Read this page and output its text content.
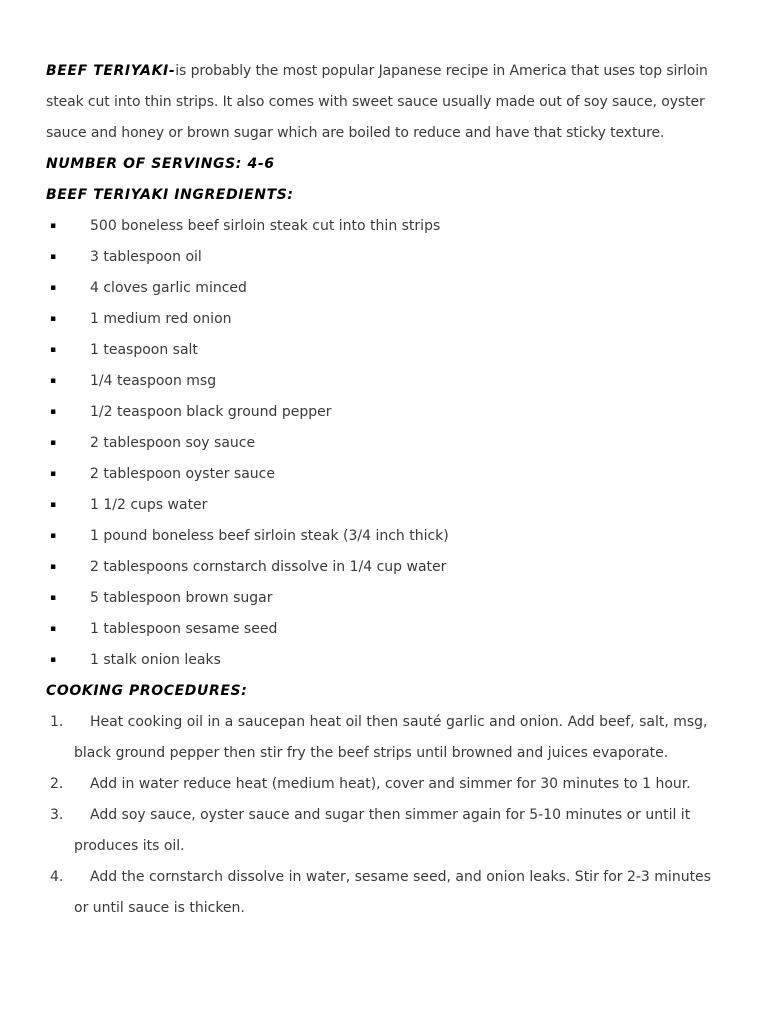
BEEF TERIYAKI-is probably the most popular Japanese recipe in America that uses top sirloin steak cut into thin strips. It also comes with sweet sauce usually made out of soy sauce, oyster sauce and honey or brown sugar which are boiled to reduce and have that sticky texture.

NUMBER OF SERVINGS: 4-6
BEEF TERIYAKI INGREDIENTS:
▪ 500 boneless beef sirloin steak cut into thin strips
▪ 3 tablespoon oil
▪ 4 cloves garlic minced
▪ 1 medium red onion
▪ 1 teaspoon salt
▪ 1/4 teaspoon msg
▪ 1/2 teaspoon black ground pepper
▪ 2 tablespoon soy sauce
▪ 2 tablespoon oyster sauce
▪ 1 1/2 cups water
▪ 1 pound boneless beef sirloin steak (3/4 inch thick)
▪ 2 tablespoons cornstarch dissolve in 1/4 cup water
▪ 5 tablespoon brown sugar
▪ 1 tablespoon sesame seed
▪ 1 stalk onion leaks
COOKING PROCEDURES:
1.	Heat cooking oil in a saucepan heat oil then sauté garlic and onion. Add beef, salt, msg, black ground pepper then stir fry the beef strips until browned and juices evaporate.
2.	Add in water reduce heat (medium heat), cover and simmer for 30 minutes to 1 hour.
3.	Add soy sauce, oyster sauce and sugar then simmer again for 5-10 minutes or until it produces its oil.
4.	Add the cornstarch dissolve in water, sesame seed, and onion leaks. Stir for 2-3 minutes or until sauce is thicken.
